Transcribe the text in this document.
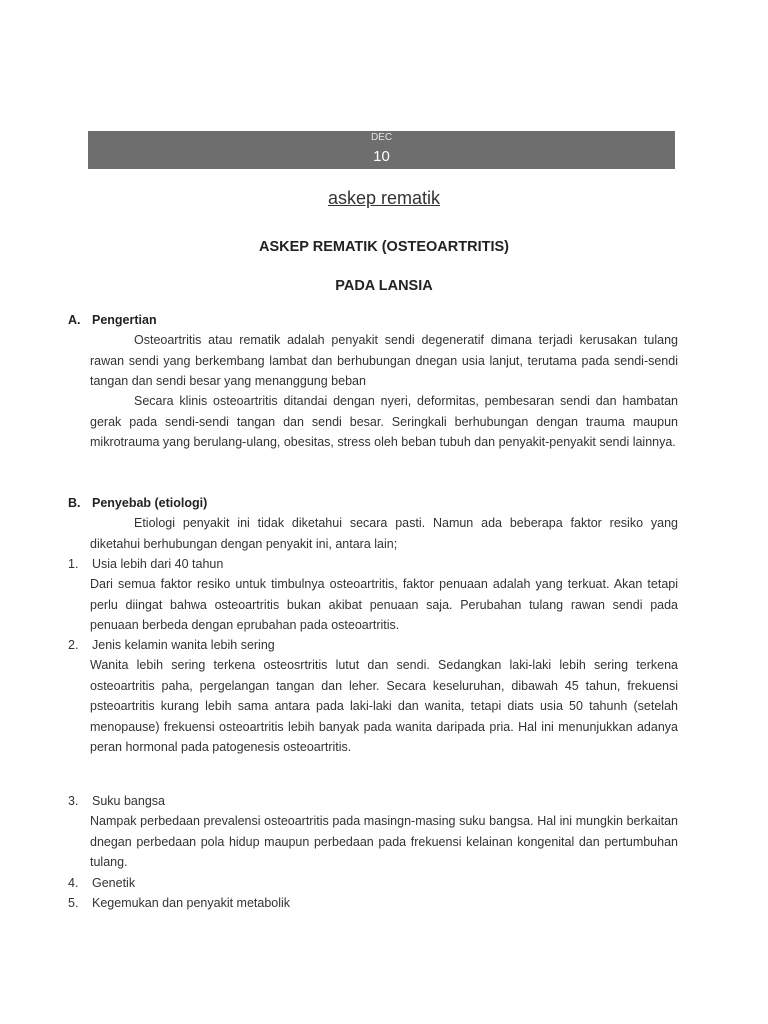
DEC
10
askep rematik
ASKEP REMATIK (OSTEOARTRITIS)
PADA LANSIA
A. Pengertian

Osteoartritis atau rematik adalah penyakit sendi degeneratif dimana terjadi kerusakan tulang rawan sendi yang berkembang lambat dan berhubungan dnegan usia lanjut, terutama pada sendi-sendi tangan dan sendi besar yang menanggung beban

Secara klinis osteoartritis ditandai dengan nyeri, deformitas, pembesaran sendi dan hambatan gerak pada sendi-sendi tangan dan sendi besar. Seringkali berhubungan dengan trauma maupun mikrotrauma yang berulang-ulang, obesitas, stress oleh beban tubuh dan penyakit-penyakit sendi lainnya.

B. Penyebab (etiologi)

Etiologi penyakit ini tidak diketahui secara pasti. Namun ada beberapa faktor resiko yang diketahui berhubungan dengan penyakit ini, antara lain;

1. Usia lebih dari 40 tahun

Dari semua faktor resiko untuk timbulnya osteoartritis, faktor penuaan adalah yang terkuat. Akan tetapi perlu diingat bahwa osteoartritis bukan akibat penuaan saja. Perubahan tulang rawan sendi pada penuaan berbeda dengan eprubahan pada osteoartritis.

2. Jenis kelamin wanita lebih sering

Wanita lebih sering terkena osteosrtritis lutut dan sendi. Sedangkan laki-laki lebih sering terkena osteoartritis paha, pergelangan tangan dan leher. Secara keseluruhan, dibawah 45 tahun, frekuensi psteoartritis kurang lebih sama antara pada laki-laki dan wanita, tetapi diats usia 50 tahunh (setelah menopause) frekuensi osteoartritis lebih banyak pada wanita daripada pria. Hal ini menunjukkan adanya peran hormonal pada patogenesis osteoartritis.

3. Suku bangsa

Nampak perbedaan prevalensi osteoartritis pada masingn-masing suku bangsa. Hal ini mungkin berkaitan dnegan perbedaan pola hidup maupun perbedaan pada frekuensi kelainan kongenital dan pertumbuhan tulang.

4. Genetik
5. Kegemukan dan penyakit metabolik
